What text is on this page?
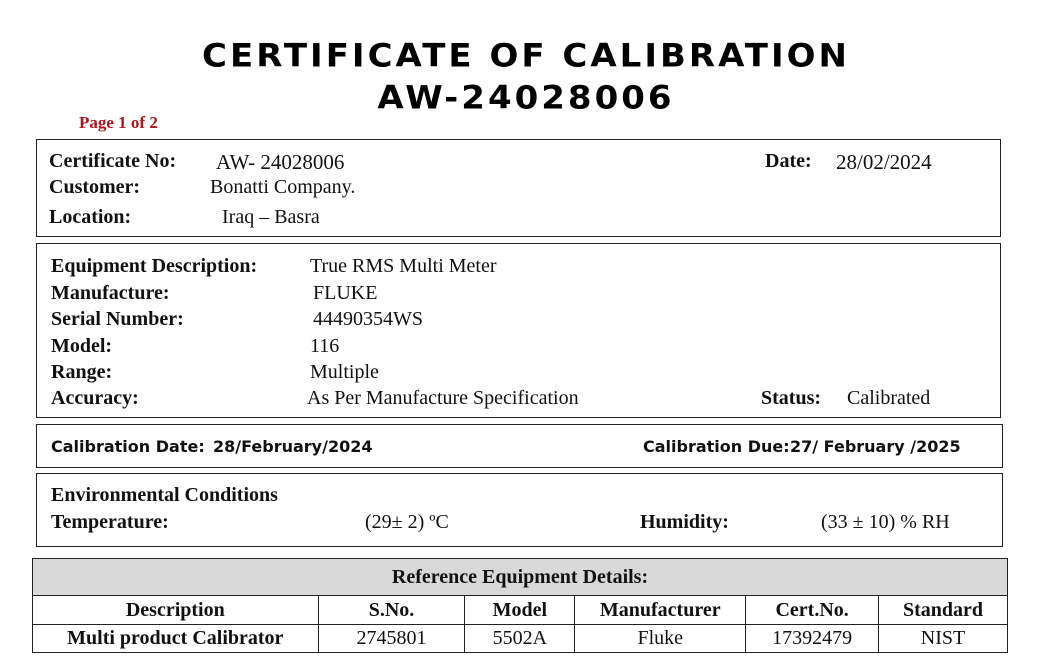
CERTIFICATE OF CALIBRATION
AW-24028006
Page 1 of 2
Certificate No: AW- 24028006	Date: 28/02/2024
Customer:	Bonatti Company.
Location:	Iraq – Basra
Equipment Description:	True RMS Multi Meter
Manufacture:	FLUKE
Serial Number:	44490354WS
Model:	116
Range:	Multiple
Accuracy:	As Per Manufacture Specification	Status: Calibrated
Calibration Date: 28/February/2024	Calibration Due: 27/ February /2025
Environmental Conditions
Temperature:	(29± 2) ºC	Humidity:	(33 ± 10) % RH
Reference Equipment Details:					
Description	S.No.	Model	Manufacturer	Cert.No.	Standard
Multi product Calibrator	2745801	5502A	Fluke	17392479	NIST
